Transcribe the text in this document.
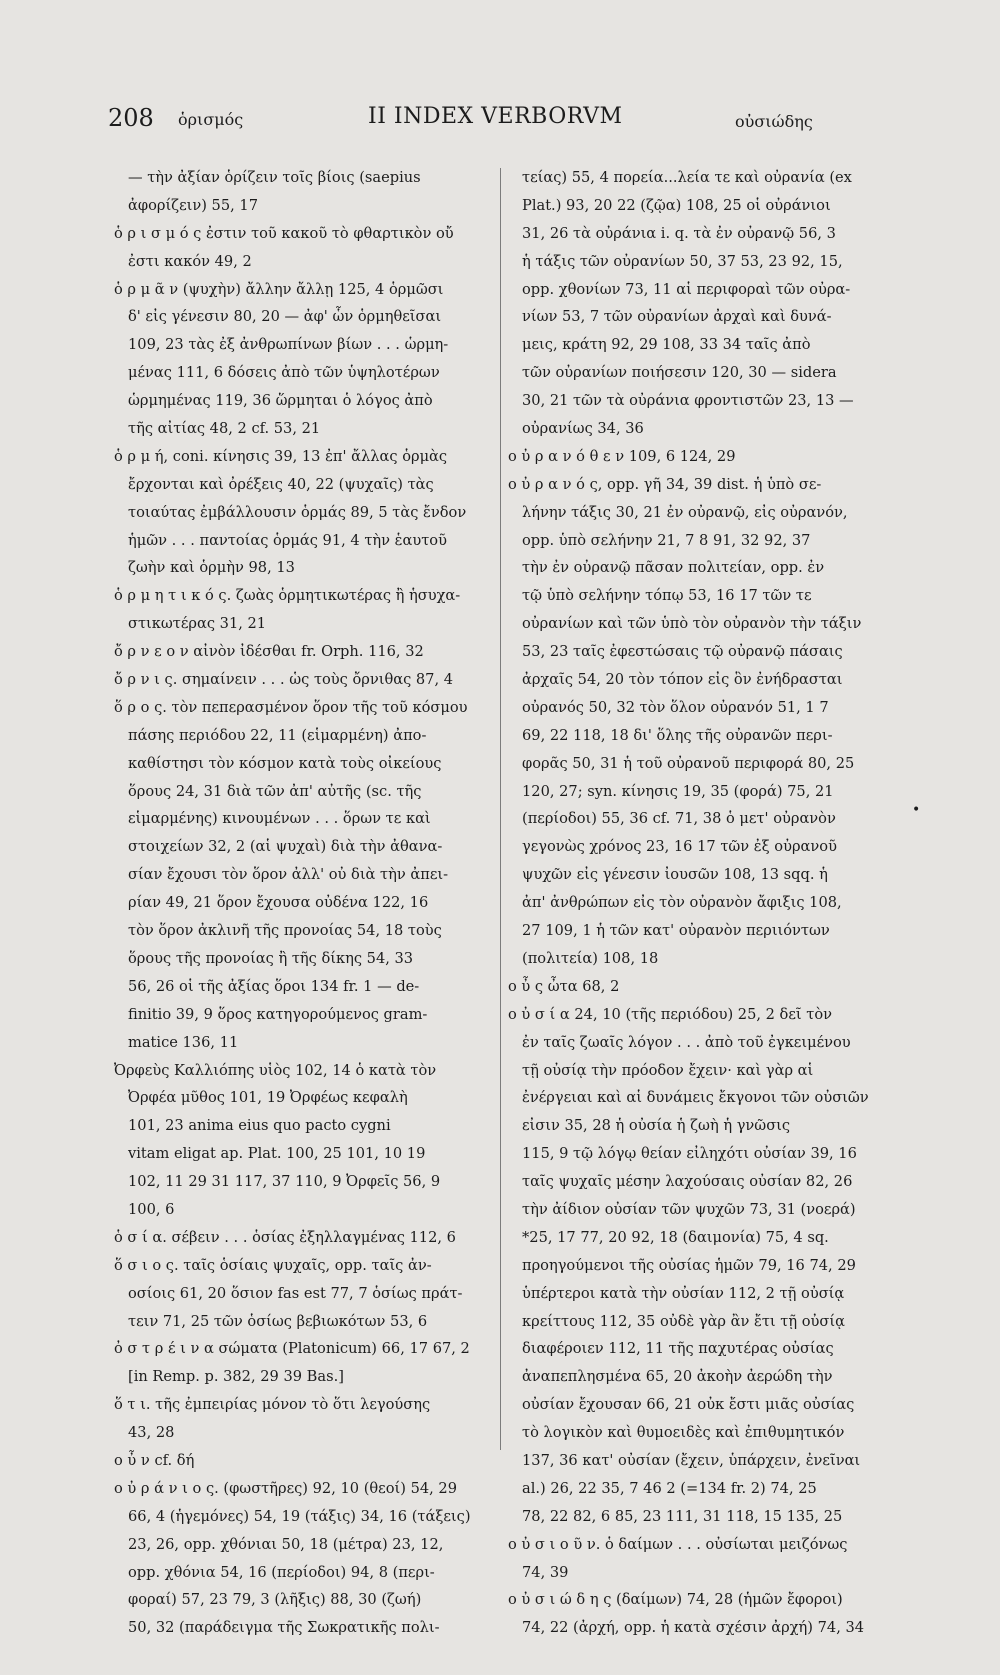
208 ὁρισμός	II INDEX VERBORVM	οὐσιώδης
— τὴν ἀξίαν ὁρίζειν τοῖς βίοις (saepius
ἀφορίζειν) 55, 17
ὁ ρ ι σ μ ό ς ἐστιν τοῦ κακοῦ τὸ φθαρτικὸν οὔ
ἐστι κακόν 49, 2
ὁ ρ μ ᾶ ν (ψυχὴν) ἄλλην ἄλλῃ 125, 4 ὁρμῶσι
δ' εἰς γένεσιν 80, 20 — ἀφ' ὧν ὁρμηθεῖσαι
109, 23 τὰς ἐξ ἀνθρωπίνων βίων . . . ὡρμη-
μένας 111, 6 δόσεις ἀπὸ τῶν ὑψηλοτέρων
ὡρμημένας 119, 36 ὥρμηται ὁ λόγος ἀπὸ
τῆς αἰτίας 48, 2 cf. 53, 21
ὁ ρ μ ή, coni. κίνησις 39, 13 ἐπ' ἄλλας ὁρμὰς
ἔρχονται καὶ ὀρέξεις 40, 22 (ψυχαῖς) τὰς
τοιαύτας ἐμβάλλουσιν ὁρμάς 89, 5 τὰς ἔνδον
ἡμῶν . . . παντοίας ὁρμάς 91, 4 τὴν ἑαυτοῦ
ζωὴν καὶ ὁρμὴν 98, 13
ὁ ρ μ η τ ι κ ό ς. ζωὰς ὁρμητικωτέρας ἢ ἡσυχα-
στικωτέρας 31, 21
ὄ ρ ν ε ο ν αἰνὸν ἰδέσθαι fr. Orph. 116, 32
ὄ ρ ν ι ς. σημαίνειν . . . ὡς τοὺς ὄρνιθας 87, 4
ὅ ρ ο ς. τὸν πεπερασμένον ὅρον τῆς τοῦ κόσμου
πάσης περιόδου 22, 11 (εἱμαρμένη) ἀπο-
καθίστησι τὸν κόσμον κατὰ τοὺς οἰκείους
ὅρους 24, 31 διὰ τῶν ἀπ' αὐτῆς (sc. τῆς
εἱμαρμένης) κινουμένων . . . ὅρων τε καὶ
στοιχείων 32, 2 (αἱ ψυχαὶ) διὰ τὴν ἀθανα-
σίαν ἔχουσι τὸν ὅρον ἀλλ' οὐ διὰ τὴν ἀπει-
ρίαν 49, 21 ὅρον ἔχουσα οὐδένα 122, 16
τὸν ὅρον ἀκλινῆ τῆς προνοίας 54, 18 τοὺς
ὅρους τῆς προνοίας ἢ τῆς δίκης 54, 33
56, 26 οἱ τῆς ἀξίας ὅροι 134 fr. 1 — de-
finitio 39, 9 ὅρος κατηγορούμενος gram-
matice 136, 11
Ὀρφεὺς Καλλιόπης υἱὸς 102, 14 ὁ κατὰ τὸν
Ὀρφέα μῦθος 101, 19 Ὀρφέως κεφαλὴ
101, 23 anima eius quo pacto cygni
vitam eligat ap. Plat. 100, 25 101, 10 19
102, 11 29 31 117, 37 110, 9 Ὀρφεῖς 56, 9
100, 6
ὁ σ ί α. σέβειν . . . ὁσίας ἐξηλλαγμένας 112, 6
ὅ σ ι ο ς. ταῖς ὁσίαις ψυχαῖς, opp. ταῖς ἀν-
οσίοις 61, 20 ὅσιον fas est 77, 7 ὁσίως πράτ-
τειν 71, 25 τῶν ὁσίως βεβιωκότων 53, 6
ὀ σ τ ρ έ ι ν α σώματα (Platonicum) 66, 17 67, 2
[in Remp. p. 382, 29 39 Bas.]
ὅ τ ι. τῆς ἐμπειρίας μόνον τὸ ὅτι λεγούσης
43, 28
ο ὖ ν cf. δή
ο ὐ ρ ά ν ι ο ς. (φωστῆρες) 92, 10 (θεοί) 54, 29
66, 4 (ἡγεμόνες) 54, 19 (τάξις) 34, 16 (τάξεις)
23, 26, opp. χθόνιαι 50, 18 (μέτρα) 23, 12,
opp. χθόνια 54, 16 (περίοδοι) 94, 8 (περι-
φοραί) 57, 23 79, 3 (λῆξις) 88, 30 (ζωή)
50, 32 (παράδειγμα τῆς Σωκρατικῆς πολι-
τείας) 55, 4 πορεία...λεία τε καὶ οὐρανία (ex
Plat.) 93, 20 22 (ζῷα) 108, 25 οἱ οὐράνιοι
31, 26 τὰ οὐράνια i. q. τὰ ἐν οὐρανῷ 56, 3
ἡ τάξις τῶν οὐρανίων 50, 37 53, 23 92, 15,
opp. χθονίων 73, 11 αἱ περιφοραὶ τῶν οὐρα-
νίων 53, 7 τῶν οὐρανίων ἀρχαὶ καὶ δυνά-
μεις, κράτη 92, 29 108, 33 34 ταῖς ἀπὸ
τῶν οὐρανίων ποιήσεσιν 120, 30 — sidera
30, 21 τῶν τὰ οὐράνια φροντιστῶν 23, 13 —
οὐρανίως 34, 36
ο ὐ ρ α ν ό θ ε ν 109, 6 124, 29
ο ὐ ρ α ν ό ς, opp. γῆ 34, 39 dist. ἡ ὑπὸ σε-
λήνην τάξις 30, 21 ἐν οὐρανῷ, εἰς οὐρανόν,
opp. ὑπὸ σελήνην 21, 7 8 91, 32 92, 37
τὴν ἐν οὐρανῷ πᾶσαν πολιτείαν, opp. ἐν
τῷ ὑπὸ σελήνην τόπῳ 53, 16 17 τῶν τε
οὐρανίων καὶ τῶν ὑπὸ τὸν οὐρανὸν τὴν τάξιν
53, 23 ταῖς ἐφεστώσαις τῷ οὐρανῷ πάσαις
ἀρχαῖς 54, 20 τὸν τόπον εἰς ὃν ἐνήδρασται
οὐρανός 50, 32 τὸν ὅλον οὐρανόν 51, 1 7
69, 22 118, 18 δι' ὅλης τῆς οὐρανῶν περι-
φορᾶς 50, 31 ἡ τοῦ οὐρανοῦ περιφορά 80, 25
120, 27; syn. κίνησις 19, 35 (φορά) 75, 21
(περίοδοι) 55, 36 cf. 71, 38 ὁ μετ' οὐρανὸν
γεγονὼς χρόνος 23, 16 17 τῶν ἐξ οὐρανοῦ
ψυχῶν εἰς γένεσιν ἰουσῶν 108, 13 sqq. ἡ
ἀπ' ἀνθρώπων εἰς τὸν οὐρανὸν ἄφιξις 108,
27 109, 1 ἡ τῶν κατ' οὐρανὸν περιιόντων
(πολιτεία) 108, 18
ο ὖ ς ὦτα 68, 2
ο ὐ σ ί α 24, 10 (τῆς περιόδου) 25, 2 δεῖ τὸν
ἐν ταῖς ζωαῖς λόγον . . . ἀπὸ τοῦ ἐγκειμένου
τῇ οὐσίᾳ τὴν πρόοδον ἔχειν· καὶ γὰρ αἱ
ἐνέργειαι καὶ αἱ δυνάμεις ἔκγονοι τῶν οὐσιῶν
εἰσιν 35, 28 ἡ οὐσία ἡ ζωὴ ἡ γνῶσις
115, 9 τῷ λόγῳ θείαν εἰληχότι οὐσίαν 39, 16
ταῖς ψυχαῖς μέσην λαχούσαις οὐσίαν 82, 26
τὴν ἀίδιον οὐσίαν τῶν ψυχῶν 73, 31 (νοερά)
*25, 17 77, 20 92, 18 (δαιμονία) 75, 4 sq.
προηγούμενοι τῆς οὐσίας ἡμῶν 79, 16 74, 29
ὑπέρτεροι κατὰ τὴν οὐσίαν 112, 2 τῇ οὐσίᾳ
κρείττους 112, 35 οὐδὲ γὰρ ἂν ἔτι τῇ οὐσίᾳ
διαφέροιεν 112, 11 τῆς παχυτέρας οὐσίας
ἀναπεπλησμένα 65, 20 ἀκοὴν ἀερώδη τὴν
οὐσίαν ἔχουσαν 66, 21 οὐκ ἔστι μιᾶς οὐσίας
τὸ λογικὸν καὶ θυμοειδὲς καὶ ἐπιθυμητικόν
137, 36 κατ' οὐσίαν (ἔχειν, ὑπάρχειν, ἐνεῖναι
al.) 26, 22 35, 7 46 2 (=134 fr. 2) 74, 25
78, 22 82, 6 85, 23 111, 31 118, 15 135, 25
ο ὐ σ ι ο ῦ ν. ὁ δαίμων . . . οὐσίωται μειζόνως
74, 39
ο ὐ σ ι ώ δ η ς (δαίμων) 74, 28 (ἡμῶν ἔφοροι)
74, 22 (ἀρχή, opp. ἡ κατὰ σχέσιν ἀρχή) 74, 34
•
